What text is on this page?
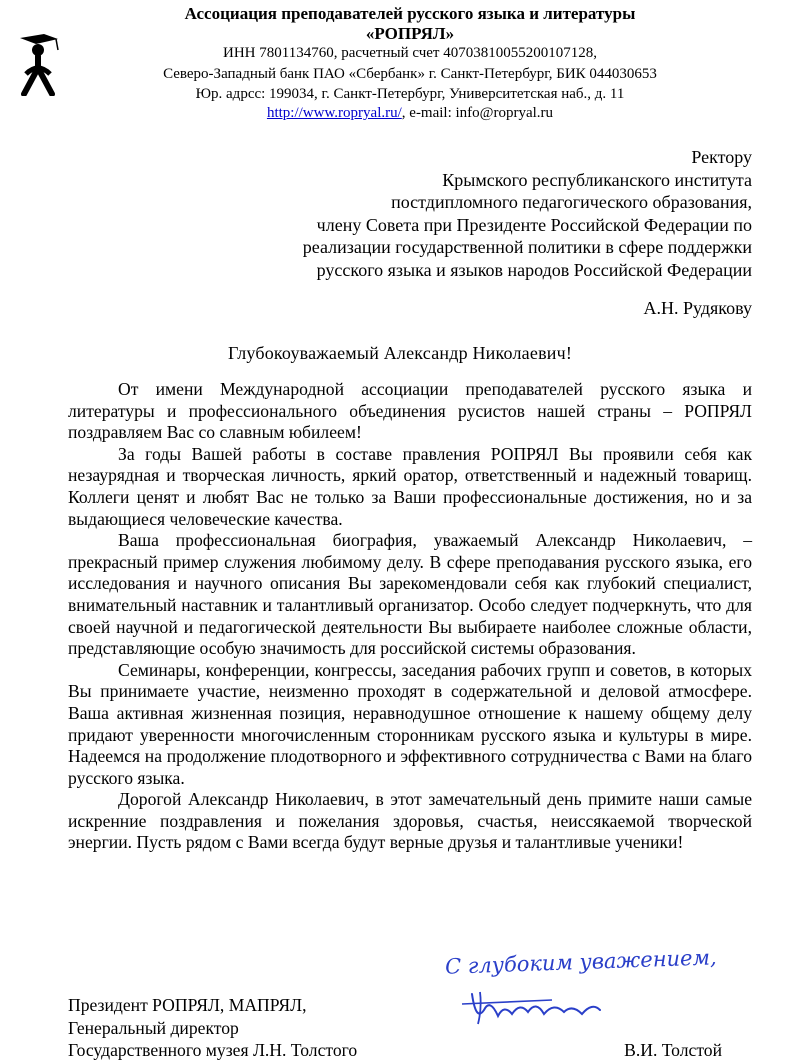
Ассоциация преподавателей русского языка и литературы
«РОПРЯЛ»
ИНН 7801134760, расчетный счет 40703810055200107128,
Северо-Западный банк ПАО «Сбербанк» г. Санкт-Петербург, БИК 044030653
Юр. адрсс: 199034, г. Санкт-Петербург, Университетская наб., д. 11
http://www.ropryal.ru/, e-mail: info@ropryal.ru
Ректору
Крымского республиканского института
постдипломного педагогического образования,
члену Совета при Президенте Российской Федерации по
реализации государственной политики в сфере поддержки
русского языка и языков народов Российской Федерации
А.Н. Рудякову
Глубокоуважаемый Александр Николаевич!

От имени Международной ассоциации преподавателей русского языка и литературы и профессионального объединения русистов нашей страны – РОПРЯЛ поздравляем Вас со славным юбилеем!

За годы Вашей работы в составе правления РОПРЯЛ Вы проявили себя как незаурядная и творческая личность, яркий оратор, ответственный и надежный товарищ. Коллеги ценят и любят Вас не только за Ваши профессиональные достижения, но и за выдающиеся человеческие качества.

Ваша профессиональная биография, уважаемый Александр Николаевич, – прекрасный пример служения любимому делу. В сфере преподавания русского языка, его исследования и научного описания Вы зарекомендовали себя как глубокий специалист, внимательный наставник и талантливый организатор. Особо следует подчеркнуть, что для своей научной и педагогической деятельности Вы выбираете наиболее сложные области, представляющие особую значимость для российской системы образования.

Семинары, конференции, конгрессы, заседания рабочих групп и советов, в которых Вы принимаете участие, неизменно проходят в содержательной и деловой атмосфере. Ваша активная жизненная позиция, неравнодушное отношение к нашему общему делу придают уверенности многочисленным сторонникам русского языка и культуры в мире. Надеемся на продолжение плодотворного и эффективного сотрудничества с Вами на благо русского языка.

Дорогой Александр Николаевич, в этот замечательный день примите наши самые искренние поздравления и пожелания здоровья, счастья, неиссякаемой творческой энергии. Пусть рядом с Вами всегда будут верные друзья и талантливые ученики!

С глубоким уважением,
Президент РОПРЯЛ, МАПРЯЛ,
Генеральный директор
Государственного музея Л.Н. Толстого	В.И. Толстой
